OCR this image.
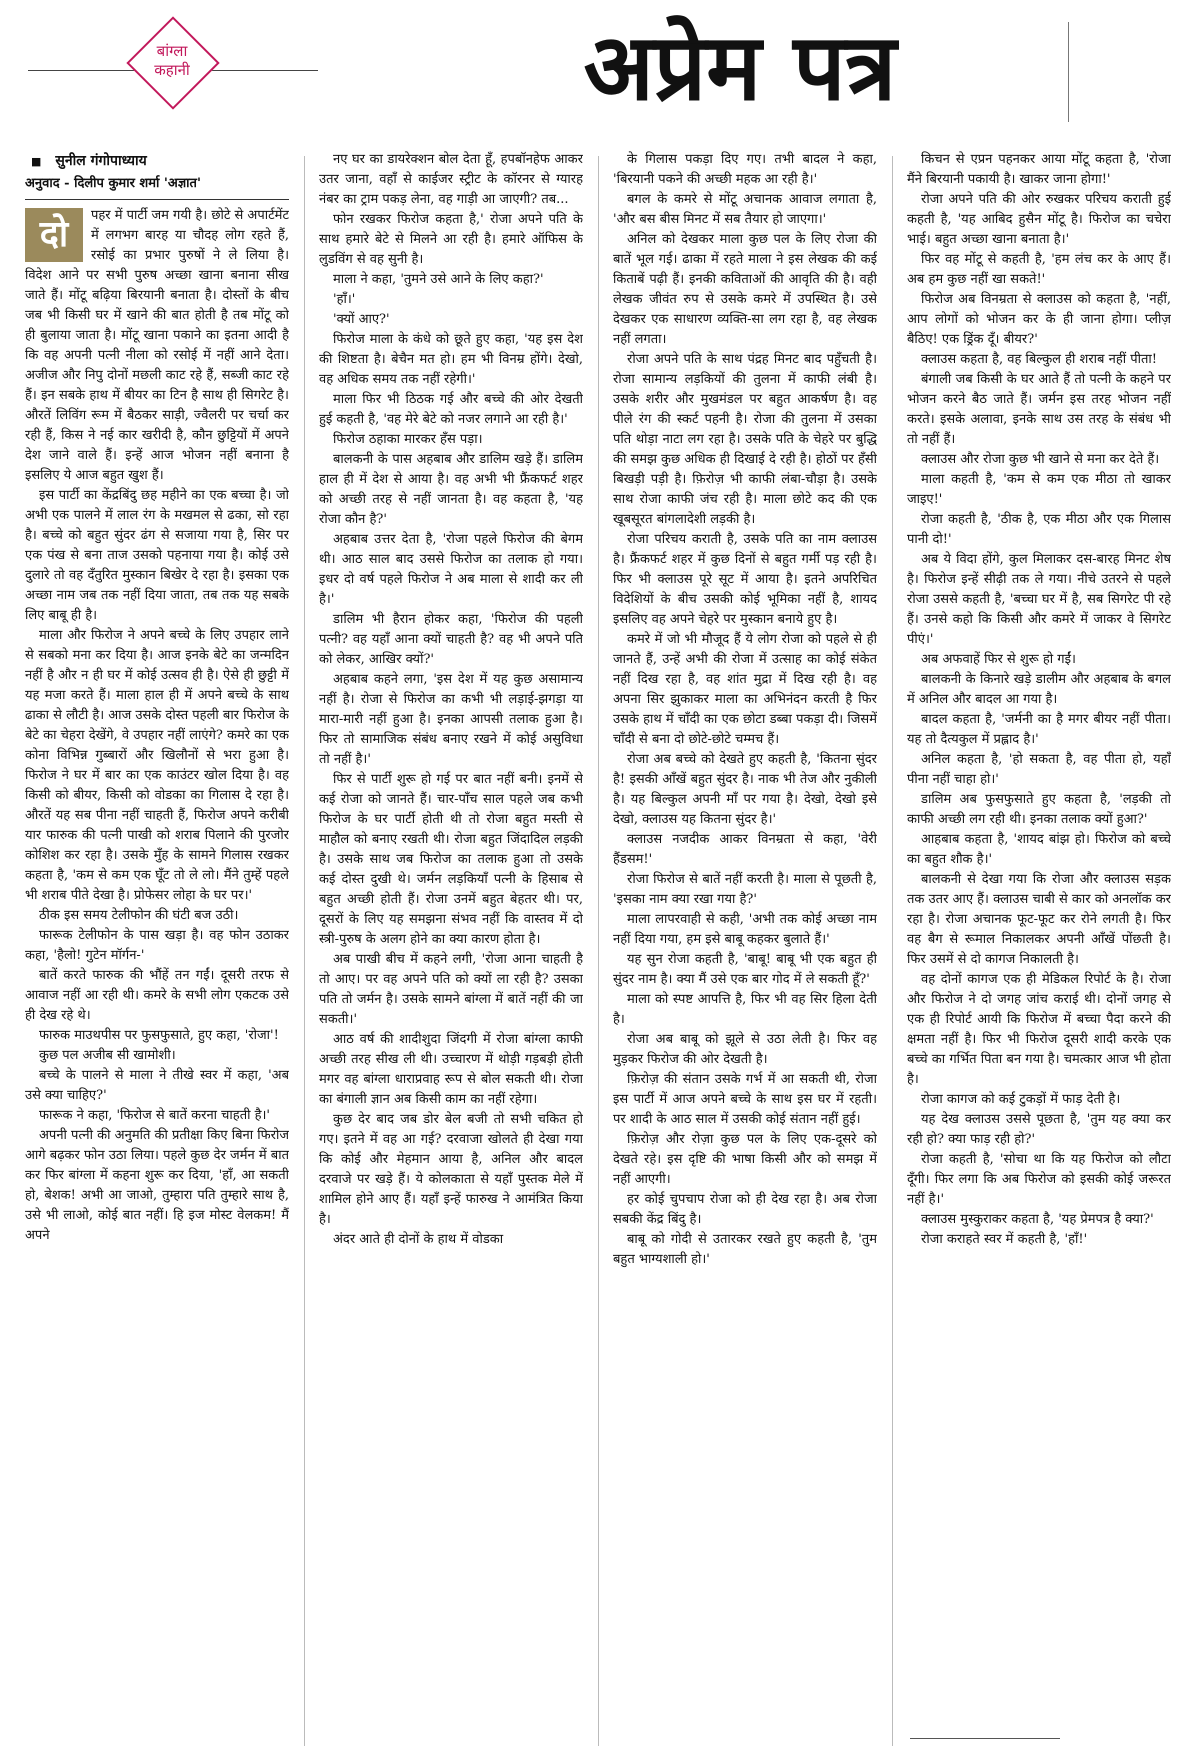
बांग्ला
कहानी	अप्रेम पत्र
■ सुनील गंगोपाध्याय
अनुवाद - दिलीप कुमार शर्मा 'अज्ञात'

दो	पहर में पार्टी जम गयी है। छोटे से अपार्टमेंट में लगभग बारह या चौदह लोग रहते हैं, रसोई का प्रभार पुरुषों ने ले लिया है। विदेश आने पर सभी पुरुष अच्छा खाना बनाना सीख जाते हैं। मोंटू बढ़िया बिरयानी बनाता है। दोस्तों के बीच जब भी किसी घर में खाने की बात होती है तब मोंटू को ही बुलाया जाता है। मोंटू खाना पकाने का इतना आदी है कि वह अपनी पत्नी नीला को रसोई में नहीं आने देता। अजीज और निपु दोनों मछली काट रहे हैं, सब्जी काट रहे हैं। इन सबके हाथ में बीयर का टिन है साथ ही सिगरेट है। औरतें लिविंग रूम में बैठकर साड़ी, ज्वैलरी पर चर्चा कर रही हैं, किस ने नई कार खरीदी है, कौन छुट्टियों में अपने देश जाने वाले हैं। इन्हें आज भोजन नहीं बनाना है इसलिए ये आज बहुत खुश हैं।

इस पार्टी का केंद्रबिंदु छह महीने का एक बच्चा है। जो अभी एक पालने में लाल रंग के मखमल से ढका, सो रहा है। बच्चे को बहुत सुंदर ढंग से सजाया गया है, सिर पर एक पंख से बना ताज उसको पहनाया गया है। कोई उसे दुलारे तो वह दँतुरित मुस्कान बिखेर दे रहा है। इसका एक अच्छा नाम जब तक नहीं दिया जाता, तब तक यह सबके लिए बाबू ही है।

माला और फिरोज ने अपने बच्चे के लिए उपहार लाने से सबको मना कर दिया है। आज इनके बेटे का जन्मदिन नहीं है और न ही घर में कोई उत्सव ही है। ऐसे ही छुट्टी में यह मजा करते हैं। माला हाल ही में अपने बच्चे के साथ ढाका से लौटी है। आज उसके दोस्त पहली बार फिरोज के बेटे का चेहरा देखेंगे, वे उपहार नहीं लाएंगे? कमरे का एक कोना विभिन्न गुब्बारों और खिलौनों से भरा हुआ है। फिरोज ने घर में बार का एक काउंटर खोल दिया है। वह किसी को बीयर, किसी को वोडका का गिलास दे रहा है। औरतें यह सब पीना नहीं चाहती हैं, फिरोज अपने करीबी यार फारुक की पत्नी पाखी को शराब पिलाने की पुरजोर कोशिश कर रहा है। उसके मुँह के सामने गिलास रखकर कहता है, 'कम से कम एक घूँट तो ले लो। मैंने तुम्हें पहले भी शराब पीते देखा है। प्रोफेसर लोहा के घर पर।'

ठीक इस समय टेलीफोन की घंटी बज उठी।

फारूक टेलीफोन के पास खड़ा है। वह फोन उठाकर कहा, 'हैलो! गुटेन मॉर्गन-'

बातें करते फारुक की भौंहें तन गईं। दूसरी तरफ से आवाज नहीं आ रही थी। कमरे के सभी लोग एकटक उसे ही देख रहे थे।

फारुक माउथपीस पर फुसफुसाते, हुए कहा, 'रोजा'!

कुछ पल अजीब सी खामोशी।

बच्चे के पालने से माला ने तीखे स्वर में कहा, 'अब उसे क्या चाहिए?'

फारूक ने कहा, 'फिरोज से बातें करना चाहती है।'

अपनी पत्नी की अनुमति की प्रतीक्षा किए बिना फिरोज आगे बढ़कर फोन उठा लिया। पहले कुछ देर जर्मन में बात कर फिर बांग्ला में कहना शुरू कर दिया, 'हाँ, आ सकती हो, बेशक! अभी आ जाओ, तुम्हारा पति तुम्हारे साथ है, उसे भी लाओ, कोई बात नहीं। हि इज मोस्ट वेलकम! मैं अपने

नए घर का डायरेक्शन बोल देता हूँ, हपबॉनहेफ आकर उतर जाना, वहाँ से काईजर स्ट्रीट के कॉरनर से ग्यारह नंबर का ट्राम पकड़ लेना, वह गाड़ी आ जाएगी? तब...

फोन रखकर फिरोज कहता है,' रोजा अपने पति के साथ हमारे बेटे से मिलने आ रही है। हमारे ऑफिस के लुडविंग से वह सुनी है।

माला ने कहा, 'तुमने उसे आने के लिए कहा?'

'हाँ।'

'क्यों आए?'

फिरोज माला के कंधे को छूते हुए कहा, 'यह इस देश की शिष्टता है। बेचैन मत हो। हम भी विनम्र होंगे। देखो, वह अधिक समय तक नहीं रहेगी।'

माला फिर भी ठिठक गई और बच्चे की ओर देखती हुई कहती है, 'वह मेरे बेटे को नजर लगाने आ रही है।'

फिरोज ठहाका मारकर हँस पड़ा।

बालकनी के पास अहबाब और डालिम खड़े हैं। डालिम हाल ही में देश से आया है। वह अभी भी फ्रैंकफर्ट शहर को अच्छी तरह से नहीं जानता है। वह कहता है, 'यह रोजा कौन है?'

अहबाब उत्तर देता है, 'रोजा पहले फिरोज की बेगम थी। आठ साल बाद उससे फिरोज का तलाक हो गया। इधर दो वर्ष पहले फिरोज ने अब माला से शादी कर ली है।'

डालिम भी हैरान होकर कहा, 'फिरोज की पहली पत्नी? वह यहाँ आना क्यों चाहती है? वह भी अपने पति को लेकर, आखिर क्यों?'

अहबाब कहने लगा, 'इस देश में यह कुछ असामान्य नहीं है। रोजा से फिरोज का कभी भी लड़ाई-झगड़ा या मारा-मारी नहीं हुआ है। इनका आपसी तलाक हुआ है। फिर तो सामाजिक संबंध बनाए रखने में कोई असुविधा तो नहीं है।'

फिर से पार्टी शुरू हो गई पर बात नहीं बनी। इनमें से कई रोजा को जानते हैं। चार-पाँच साल पहले जब कभी फिरोज के घर पार्टी होती थी तो रोजा बहुत मस्ती से माहौल को बनाए रखती थी। रोजा बहुत जिंदादिल लड़की है। उसके साथ जब फिरोज का तलाक हुआ तो उसके कई दोस्त दुखी थे। जर्मन लड़कियाँ पत्नी के हिसाब से बहुत अच्छी होती हैं। रोजा उनमें बहुत बेहतर थी। पर, दूसरों के लिए यह समझना संभव नहीं कि वास्तव में दो स्त्री-पुरुष के अलग होने का क्या कारण होता है।

अब पाखी बीच में कहने लगी, 'रोजा आना चाहती है तो आए। पर वह अपने पति को क्यों ला रही है? उसका पति तो जर्मन है। उसके सामने बांग्ला में बातें नहीं की जा सकती।'

आठ वर्ष की शादीशुदा जिंदगी में रोजा बांग्ला काफी अच्छी तरह सीख ली थी। उच्चारण में थोड़ी गड़बड़ी होती मगर वह बांग्ला धाराप्रवाह रूप से बोल सकती थी। रोजा का बंगाली ज्ञान अब किसी काम का नहीं रहेगा।

कुछ देर बाद जब डोर बेल बजी तो सभी चकित हो गए। इतने में वह आ गई? दरवाजा खोलते ही देखा गया कि कोई और मेहमान आया है, अनिल और बादल दरवाजे पर खड़े हैं। ये कोलकाता से यहाँ पुस्तक मेले में शामिल होने आए हैं। यहाँ इन्हें फारुख ने आमंत्रित किया है।

अंदर आते ही दोनों के हाथ में वोडका

के गिलास पकड़ा दिए गए। तभी बादल ने कहा, 'बिरयानी पकने की अच्छी महक आ रही है।'

बगल के कमरे से मोंटू अचानक आवाज लगाता है, 'और बस बीस मिनट में सब तैयार हो जाएगा।'

अनिल को देखकर माला कुछ पल के लिए रोजा की बातें भूल गई। ढाका में रहते माला ने इस लेखक की कई किताबें पढ़ी हैं। इनकी कविताओं की आवृति की है। वही लेखक जीवंत रुप से उसके कमरे में उपस्थित है। उसे देखकर एक साधारण व्यक्ति-सा लग रहा है, वह लेखक नहीं लगता।

रोजा अपने पति के साथ पंद्रह मिनट बाद पहुँचती है। रोजा सामान्य लड़कियों की तुलना में काफी लंबी है। उसके शरीर और मुखमंडल पर बहुत आकर्षण है। वह पीले रंग की स्कर्ट पहनी है। रोजा की तुलना में उसका पति थोड़ा नाटा लग रहा है। उसके पति के चेहरे पर बुद्धि की समझ कुछ अधिक ही दिखाई दे रही है। होठों पर हँसी बिखड़ी पड़ी है। फ़िरोज़ भी काफी लंबा-चौड़ा है। उसके साथ रोजा काफी जंच रही है। माला छोटे कद की एक खूबसूरत बांगलादेशी लड़की है।

रोजा परिचय कराती है, उसके पति का नाम क्लाउस है। फ्रैंकफर्ट शहर में कुछ दिनों से बहुत गर्मी पड़ रही है। फिर भी क्लाउस पूरे सूट में आया है। इतने अपरिचित विदेशियों के बीच उसकी कोई भूमिका नहीं है, शायद इसलिए वह अपने चेहरे पर मुस्कान बनाये हुए है।

कमरे में जो भी मौजूद हैं ये लोग रोजा को पहले से ही जानते हैं, उन्हें अभी की रोजा में उत्साह का कोई संकेत नहीं दिख रहा है, वह शांत मुद्रा में दिख रही है। वह अपना सिर झुकाकर माला का अभिनंदन करती है फिर उसके हाथ में चाँदी का एक छोटा डब्बा पकड़ा दी। जिसमें चाँदी से बना दो छोटे-छोटे चम्मच हैं।

रोजा अब बच्चे को देखते हुए कहती है, 'कितना सुंदर है! इसकी आँखें बहुत सुंदर है। नाक भी तेज और नुकीली है। यह बिल्कुल अपनी माँ पर गया है। देखो, देखो इसे देखो, क्लाउस यह कितना सुंदर है।'

क्लाउस नजदीक आकर विनम्रता से कहा, 'वेरी हैंडसम!'

रोजा फिरोज से बातें नहीं करती है। माला से पूछती है, 'इसका नाम क्या रखा गया है?'

माला लापरवाही से कही, 'अभी तक कोई अच्छा नाम नहीं दिया गया, हम इसे बाबू कहकर बुलाते हैं।'

यह सुन रोजा कहती है, 'बाबू! बाबू भी एक बहुत ही सुंदर नाम है। क्या मैं उसे एक बार गोद में ले सकती हूँ?'

माला को स्पष्ट आपत्ति है, फिर भी वह सिर हिला देती है।

रोजा अब बाबू को झूले से उठा लेती है। फिर वह मुड़कर फिरोज की ओर देखती है।

फ़िरोज़ की संतान उसके गर्भ में आ सकती थी, रोजा इस पार्टी में आज अपने बच्चे के साथ इस घर में रहती। पर शादी के आठ साल में उसकी कोई संतान नहीं हुई।

फ़िरोज़ और रोज़ा कुछ पल के लिए एक-दूसरे को देखते रहे। इस दृष्टि की भाषा किसी और को समझ में नहीं आएगी।

हर कोई चुपचाप रोजा को ही देख रहा है। अब रोजा सबकी केंद्र बिंदु है।

बाबू को गोदी से उतारकर रखते हुए कहती है, 'तुम बहुत भाग्यशाली हो।'

किचन से एप्रन पहनकर आया मोंटू कहता है, 'रोजा मैंने बिरयानी पकायी है। खाकर जाना होगा!'

रोजा अपने पति की ओर रुखकर परिचय कराती हुई कहती है, 'यह आबिद हुसैन मोंटू है। फिरोज का चचेरा भाई। बहुत अच्छा खाना बनाता है।'

फिर वह मोंटू से कहती है, 'हम लंच कर के आए हैं। अब हम कुछ नहीं खा सकते!'

फिरोज अब विनम्रता से क्लाउस को कहता है, 'नहीं, आप लोगों को भोजन कर के ही जाना होगा। प्लीज़ बैठिए! एक ड्रिंक दूँ। बीयर?'

क्लाउस कहता है, वह बिल्कुल ही शराब नहीं पीता!

बंगाली जब किसी के घर आते हैं तो पत्नी के कहने पर भोजन करने बैठ जाते हैं। जर्मन इस तरह भोजन नहीं करते। इसके अलावा, इनके साथ उस तरह के संबंध भी तो नहीं हैं।

क्लाउस और रोजा कुछ भी खाने से मना कर देते हैं।

माला कहती है, 'कम से कम एक मीठा तो खाकर जाइए!'

रोजा कहती है, 'ठीक है, एक मीठा और एक गिलास पानी दो!'

अब ये विदा होंगे, कुल मिलाकर दस-बारह मिनट शेष है। फिरोज इन्हें सीढ़ी तक ले गया। नीचे उतरने से पहले रोजा उससे कहती है, 'बच्चा घर में है, सब सिगरेट पी रहे हैं। उनसे कहो कि किसी और कमरे में जाकर वे सिगरेट पीएं।'

अब अफवाहें फिर से शुरू हो गईं।

बालकनी के किनारे खड़े डालीम और अहबाब के बगल में अनिल और बादल आ गया है।

बादल कहता है, 'जर्मनी का है मगर बीयर नहीं पीता। यह तो दैत्यकुल में प्रह्लाद है।'

अनिल कहता है, 'हो सकता है, वह पीता हो, यहाँ पीना नहीं चाहा हो।'

डालिम अब फुसफुसाते हुए कहता है, 'लड़की तो काफी अच्छी लग रही थी। इनका तलाक क्यों हुआ?'

आहबाब कहता है, 'शायद बांझ हो। फिरोज को बच्चे का बहुत शौक है।'

बालकनी से देखा गया कि रोजा और क्लाउस सड़क तक उतर आए हैं। क्लाउस चाबी से कार को अनलॉक कर रहा है। रोजा अचानक फूट-फूट कर रोने लगती है। फिर वह बैग से रूमाल निकालकर अपनी आँखें पोंछती है। फिर उसमें से दो कागज निकालती है।

वह दोनों कागज एक ही मेडिकल रिपोर्ट के है। रोजा और फिरोज ने दो जगह जांच कराई थी। दोनों जगह से एक ही रिपोर्ट आयी कि फिरोज में बच्चा पैदा करने की क्षमता नहीं है। फिर भी फिरोज दूसरी शादी करके एक बच्चे का गर्भित पिता बन गया है। चमत्कार आज भी होता है।

रोजा कागज को कई टुकड़ों में फाड़ देती है।

यह देख क्लाउस उससे पूछता है, 'तुम यह क्या कर रही हो? क्या फाड़ रही हो?'

रोजा कहती है, 'सोचा था कि यह फिरोज को लौटा दूँगी। फिर लगा कि अब फिरोज को इसकी कोई जरूरत नहीं है।'

क्लाउस मुस्कुराकर कहता है, 'यह प्रेमपत्र है क्या?'

रोजा कराहते स्वर में कहती है, 'हाँ!'
